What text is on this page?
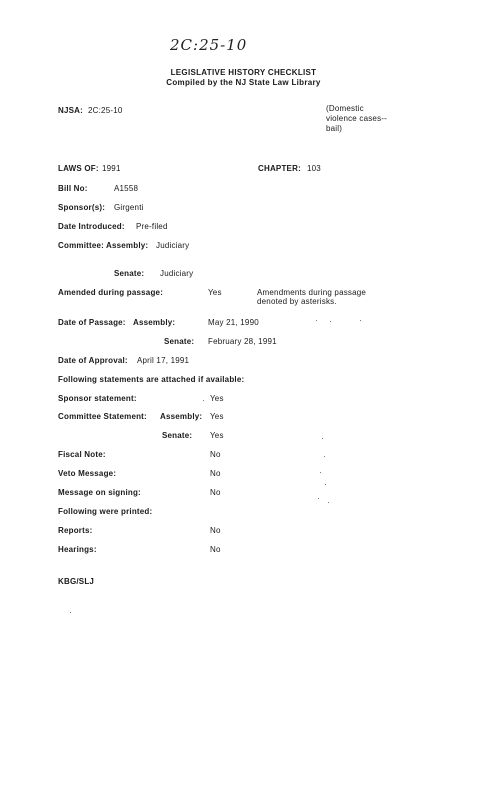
2C:25-10
LEGISLATIVE HISTORY CHECKLIST
Compiled by the NJ State Law Library
NJSA: 2C:25-10	(Domestic
violence cases--
bail)
LAWS OF: 1991	CHAPTER: 103
Bill No:	A1558
Sponsor(s): Girgenti
Date Introduced: Pre-filed
Committee: Assembly: Judiciary
Senate: Judiciary
Amended during passage:	Yes	Amendments during passage
denoted by asterisks.
Date of Passage: Assembly:	May 21, 1990
Senate: February 28, 1991
Date of Approval: April 17, 1991
Following statements are attached if available:
Sponsor statement:	Yes
Committee Statement: Assembly: Yes
Senate: Yes
Fiscal Note:	No
Veto Message:	No
Message on signing:	No
Following were printed:
Reports:	No
Hearings:	No
KBG/SLJ
